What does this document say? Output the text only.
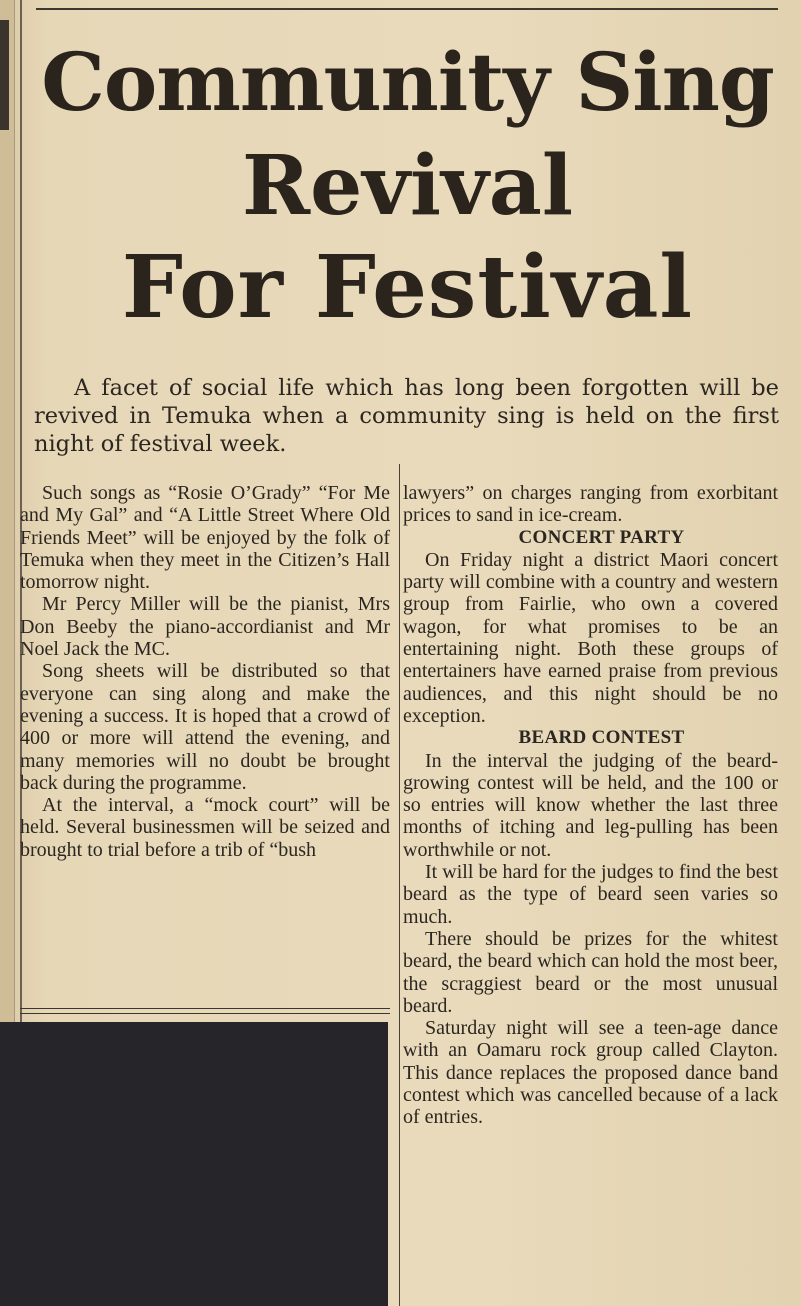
Community Sing
Revival
For Festival

A facet of social life which has long been forgotten will be revived in Temuka when a community sing is held on the first night of festival week.

Such songs as “Rosie O’Grady” “For Me and My Gal” and “A Little Street Where Old Friends Meet” will be enjoyed by the folk of Temuka when they meet in the Citizen’s Hall tomorrow night.

Mr Percy Miller will be the pianist, Mrs Don Beeby the piano-accordianist and Mr Noel Jack the MC.

Song sheets will be distributed so that everyone can sing along and make the evening a success. It is hoped that a crowd of 400 or more will attend the evening, and many memories will no doubt be brought back during the programme.

At the interval, a “mock court” will be held. Several businessmen will be seized and brought to trial before a trib of “bush

lawyers” on charges ranging from exorbitant prices to sand in ice-cream.

CONCERT PARTY

On Friday night a district Maori concert party will combine with a country and western group from Fairlie, who own a covered wagon, for what promises to be an entertaining night. Both these groups of entertainers have earned praise from previous audiences, and this night should be no exception.

BEARD CONTEST

In the interval the judging of the beard-growing contest will be held, and the 100 or so entries will know whether the last three months of itching and leg-pulling has been worthwhile or not.

It will be hard for the judges to find the best beard as the type of beard seen varies so much.

There should be prizes for the whitest beard, the beard which can hold the most beer, the scraggiest beard or the most unusual beard.

Saturday night will see a teen-age dance with an Oamaru rock group called Clayton. This dance replaces the proposed dance band contest which was cancelled because of a lack of entries.
